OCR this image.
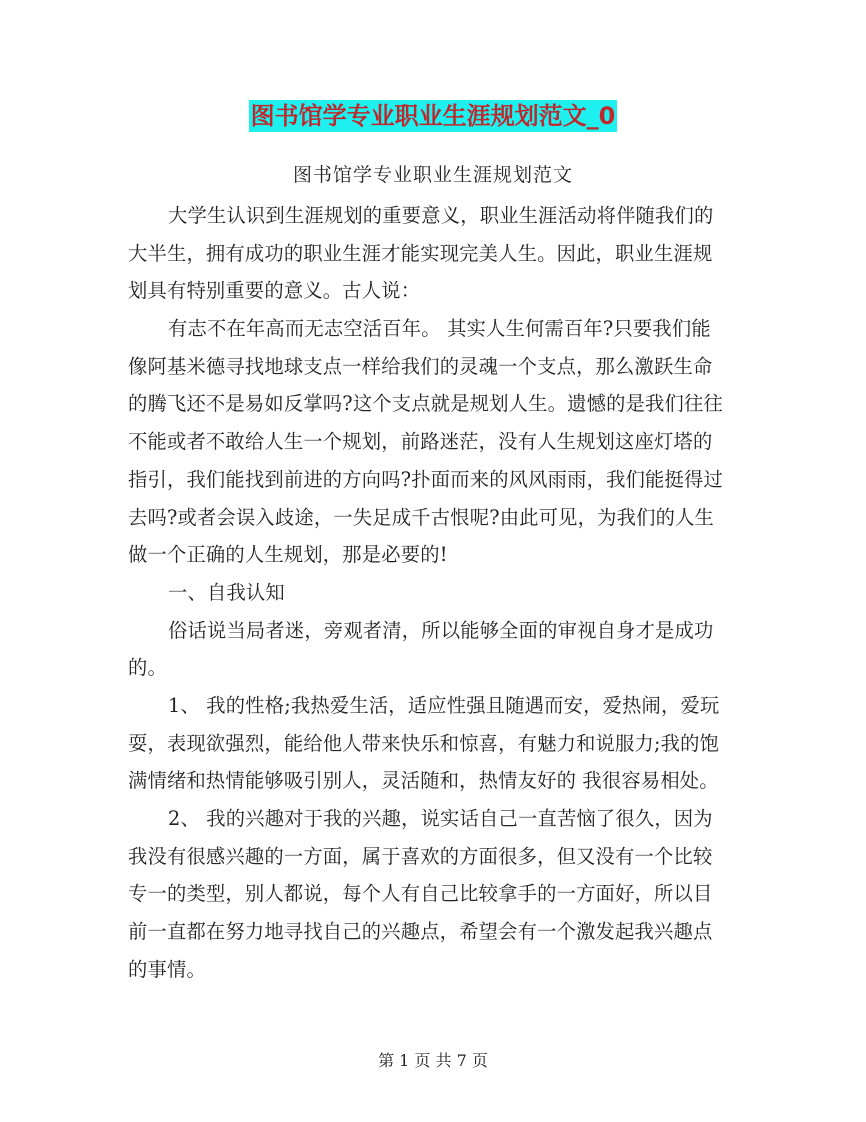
图书馆学专业职业生涯规划范文_0
图书馆学专业职业生涯规划范文
大学生认识到生涯规划的重要意义，职业生涯活动将伴随我们的
大半生，拥有成功的职业生涯才能实现完美人生。因此，职业生涯规
划具有特别重要的意义。古人说：
有志不在年高而无志空活百年。 其实人生何需百年?只要我们能
像阿基米德寻找地球支点一样给我们的灵魂一个支点，那么激跃生命
的腾飞还不是易如反掌吗?这个支点就是规划人生。遗憾的是我们往往
不能或者不敢给人生一个规划，前路迷茫，没有人生规划这座灯塔的
指引，我们能找到前进的方向吗?扑面而来的风风雨雨，我们能挺得过
去吗?或者会误入歧途，一失足成千古恨呢?由此可见，为我们的人生
做一个正确的人生规划，那是必要的!
一、自我认知
俗话说当局者迷，旁观者清，所以能够全面的审视自身才是成功
的。
1、 我的性格;我热爱生活，适应性强且随遇而安，爱热闹，爱玩
耍，表现欲强烈，能给他人带来快乐和惊喜，有魅力和说服力;我的饱
满情绪和热情能够吸引别人，灵活随和，热情友好的 我很容易相处。
2、 我的兴趣对于我的兴趣，说实话自己一直苦恼了很久，因为
我没有很感兴趣的一方面，属于喜欢的方面很多，但又没有一个比较
专一的类型，别人都说，每个人有自己比较拿手的一方面好，所以目
前一直都在努力地寻找自己的兴趣点，希望会有一个激发起我兴趣点
的事情。
第 1 页 共 7 页
